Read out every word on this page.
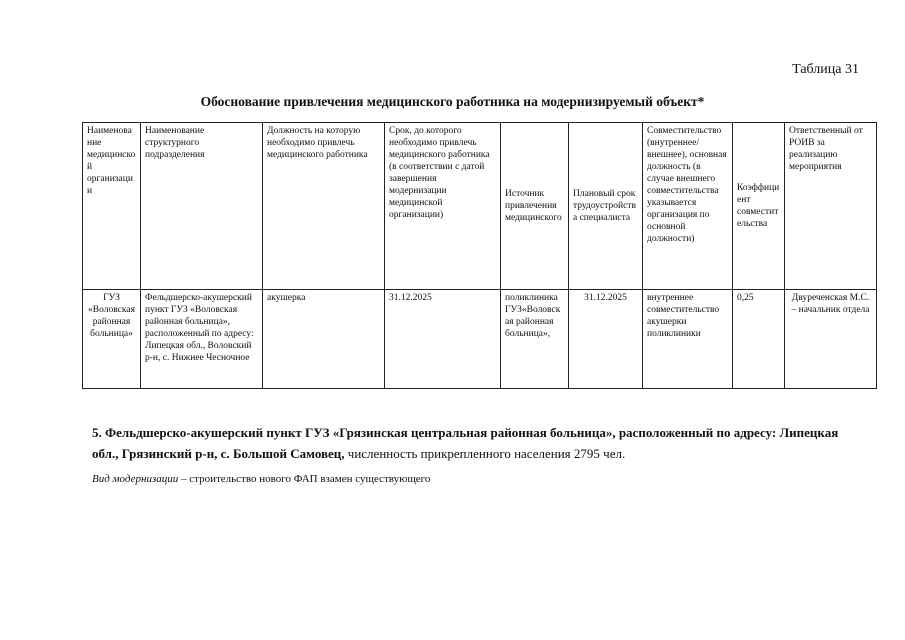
Таблица 31
Обоснование привлечения медицинского работника на модернизируемый объект*
Наименование медицинской организации	Наименование структурного подразделения	Должность на которую необходимо привлечь медицинского работника	Срок, до которого необходимо привлечь медицинского работника (в соответствии с датой завершения модернизации медицинской организации)	Источник привлечения медицинского	Плановый срок трудоустройства специалиста	Совместительство (внутреннее/внешнее), основная должность (в случае внешнего совместительства указывается организация по основной должности)	Коэффициент совместительства	Ответственный от РОИВ за реализацию мероприятия
ГУЗ «Воловская районная больница»	Фельдшерско-акушерский пункт ГУЗ «Воловская районная больница», расположенный по адресу: Липецкая обл., Воловский р-н, с. Нижнее Чесночное	акушерка	31.12.2025	поликлиника ГУЗ«Воловская районная больница»,	31.12.2025	внутреннее совместительство акушерки поликлиники	0,25	Двуреченская М.С. – начальник отдела
5. Фельдшерско-акушерский пункт ГУЗ «Грязинская центральная районная больница», расположенный по адресу: Липецкая обл., Грязинский р-н, с. Большой Самовец, численность прикрепленного населения 2795 чел.
Вид модернизации – строительство нового ФАП взамен существующего
